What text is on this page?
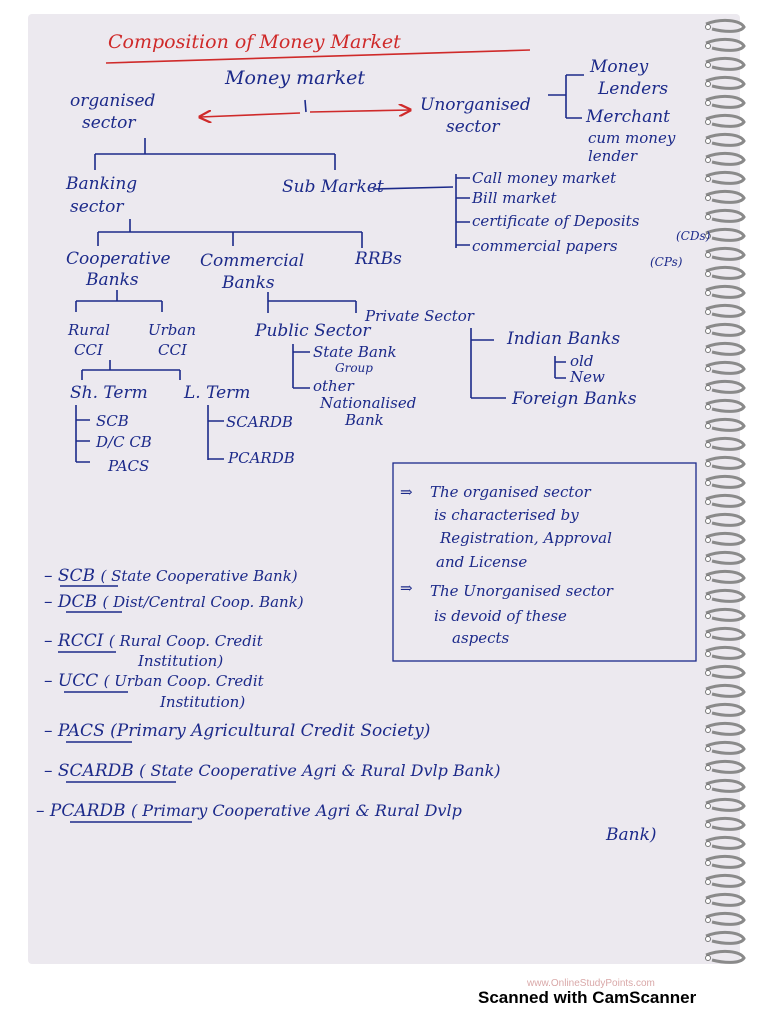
Composition of Money Market
Money market
organised
sector
Unorganised
sector
Money
Lenders
Merchant
cum money
lender
Banking
sector
Sub Market	Call money market
Bill market
certificate of Deposits
(CDs)
commercial papers
(CPs)
Cooperative
Banks
Commercial
Banks
RRBs
Rural
CCI
Urban
CCI
Public Sector
Private Sector
State Bank
Group
other
Nationalised
Bank
Indian Banks
old
New
Foreign Banks
Sh. Term L. Term
SCB
D/C CB
PACS
SCARDB
PCARDB
⇒ The organised sector
is characterised by
Registration, Approval
and License
⇒ The Unorganised sector
is devoid of these
aspects
– SCB ( State Cooperative Bank)
– DCB ( Dist/Central Coop. Bank)
– RCCI ( Rural Coop. Credit
Institution)
– UCC ( Urban Coop. Credit
Institution)
– PACS (Primary Agricultural Credit Society)
– SCARDB ( State Cooperative Agri & Rural Dvlp Bank)
– PCARDB ( Primary Cooperative Agri & Rural Dvlp
Bank)
www.OnlineStudyPoints.com
Scanned with CamScanner
